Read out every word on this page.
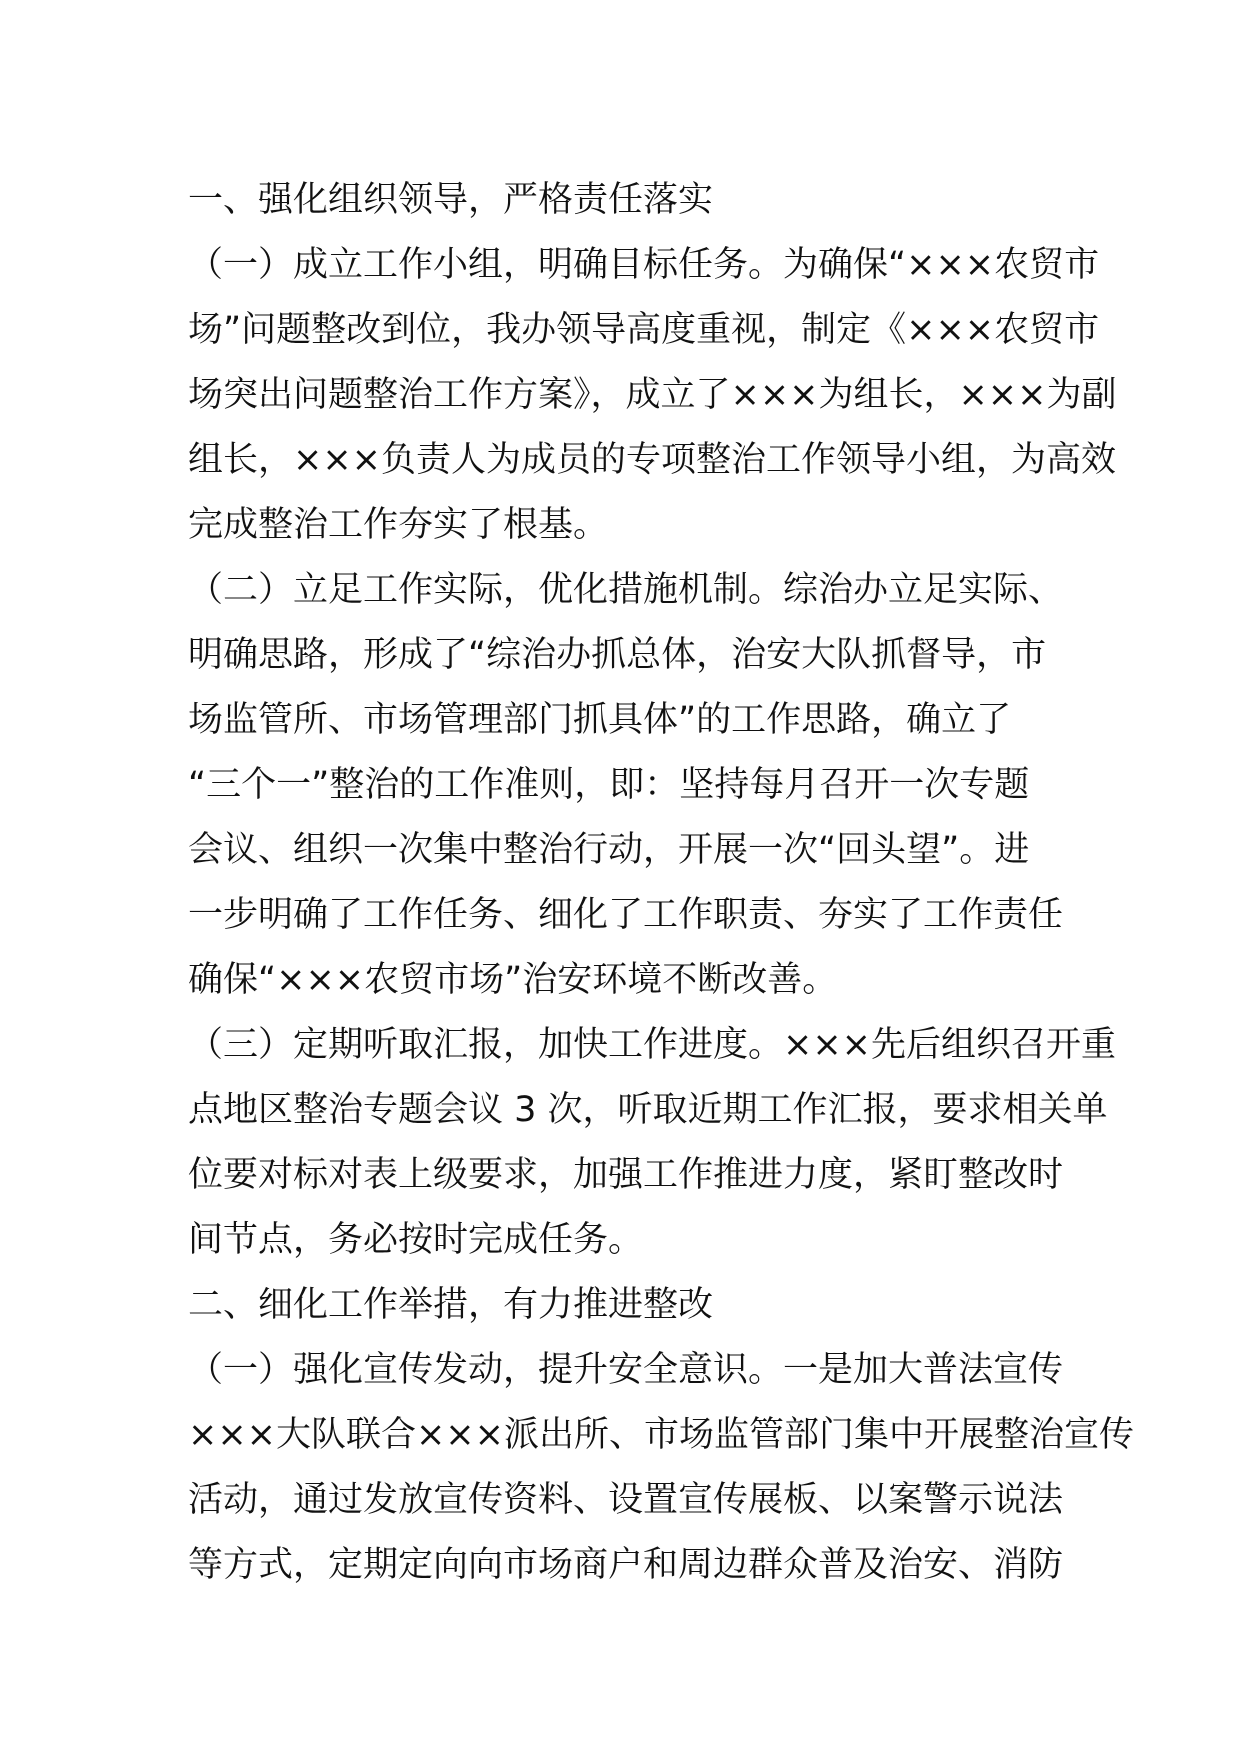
一、强化组织领导，严格责任落实
（一）成立工作小组，明确目标任务。为确保“×××农贸市
场”问题整改到位，我办领导高度重视，制定《×××农贸市
场突出问题整治工作方案》，成立了×××为组长，×××为副
组长，×××负责人为成员的专项整治工作领导小组，为高效
完成整治工作夯实了根基。
（二）立足工作实际，优化措施机制。综治办立足实际、
明确思路，形成了“综治办抓总体，治安大队抓督导，市
场监管所、市场管理部门抓具体”的工作思路，确立了
“三个一”整治的工作准则，即：坚持每月召开一次专题
会议、组织一次集中整治行动，开展一次“回头望”。进
一步明确了工作任务、细化了工作职责、夯实了工作责任
确保“×××农贸市场”治安环境不断改善。
（三）定期听取汇报，加快工作进度。×××先后组织召开重
点地区整治专题会议 3 次，听取近期工作汇报，要求相关单
位要对标对表上级要求，加强工作推进力度，紧盯整改时
间节点，务必按时完成任务。
二、细化工作举措，有力推进整改
（一）强化宣传发动，提升安全意识。一是加大普法宣传
×××大队联合×××派出所、市场监管部门集中开展整治宣传
活动，通过发放宣传资料、设置宣传展板、以案警示说法
等方式，定期定向向市场商户和周边群众普及治安、消防
